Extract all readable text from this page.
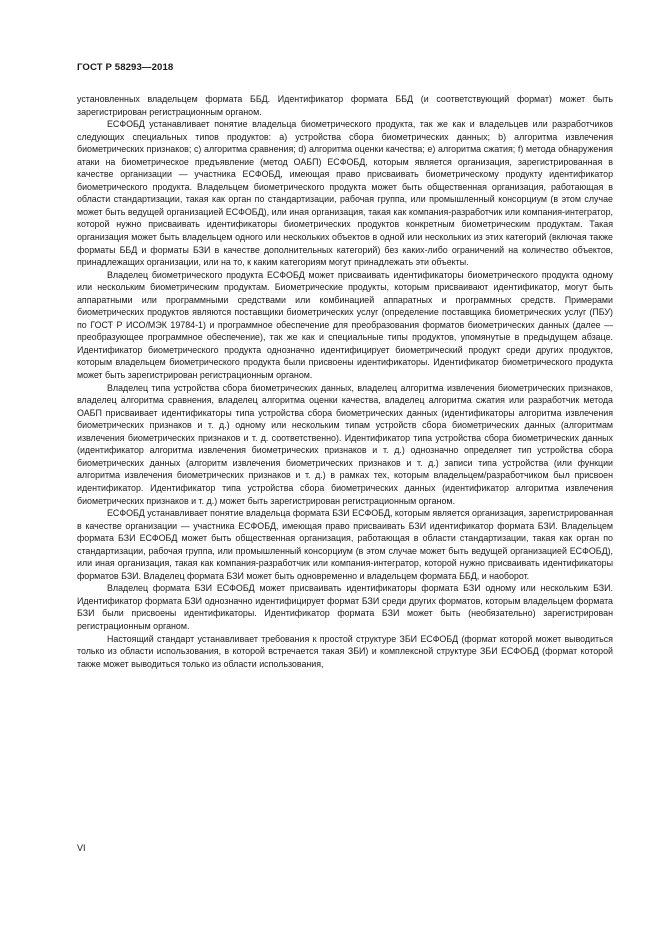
ГОСТ Р 58293—2018

установленных владельцем формата ББД. Идентификатор формата ББД (и соответствующий формат) может быть зарегистрирован регистрационным органом.

ЕСФОБД устанавливает понятие владельца биометрического продукта, так же как и владельцев или разработчиков следующих специальных типов продуктов: a) устройства сбора биометрических данных; b) алгоритма извлечения биометрических признаков; c) алгоритма сравнения; d) алгоритма оценки качества; e) алгоритма сжатия; f) метода обнаружения атаки на биометрическое предъявление (метод ОАБП) ЕСФОБД, которым является организация, зарегистрированная в качестве организации — участника ЕСФОБД, имеющая право присваивать биометрическому продукту идентификатор биометрического продукта. Владельцем биометрического продукта может быть общественная организация, работающая в области стандартизации, такая как орган по стандартизации, рабочая группа, или промышленный консорциум (в этом случае может быть ведущей организацией ЕСФОБД), или иная организация, такая как компания-разработчик или компания-интегратор, которой нужно присваивать идентификаторы биометрических продуктов конкретным биометрическим продуктам. Такая организация может быть владельцем одного или нескольких объектов в одной или нескольких из этих категорий (включая также форматы ББД и форматы БЗИ в качестве дополнительных категорий) без каких-либо ограничений на количество объектов, принадлежащих организации, или на то, к каким категориям могут принадлежать эти объекты.

Владелец биометрического продукта ЕСФОБД может присваивать идентификаторы биометрического продукта одному или нескольким биометрическим продуктам. Биометрические продукты, которым присваивают идентификатор, могут быть аппаратными или программными средствами или комбинацией аппаратных и программных средств. Примерами биометрических продуктов являются поставщики биометрических услуг (определение поставщика биометрических услуг (ПБУ) по ГОСТ Р ИСО/МЭК 19784-1) и программное обеспечение для преобразования форматов биометрических данных (далее — преобразующее программное обеспечение), так же как и специальные типы продуктов, упомянутые в предыдущем абзаце. Идентификатор биометрического продукта однозначно идентифицирует биометрический продукт среди других продуктов, которым владельцем биометрического продукта были присвоены идентификаторы. Идентификатор биометрического продукта может быть зарегистрирован регистрационным органом.

Владелец типа устройства сбора биометрических данных, владелец алгоритма извлечения биометрических признаков, владелец алгоритма сравнения, владелец алгоритма оценки качества, владелец алгоритма сжатия или разработчик метода ОАБП присваивает идентификаторы типа устройства сбора биометрических данных (идентификаторы алгоритма извлечения биометрических признаков и т. д.) одному или нескольким типам устройств сбора биометрических данных (алгоритмам извлечения биометрических признаков и т. д. соответственно). Идентификатор типа устройства сбора биометрических данных (идентификатор алгоритма извлечения биометрических признаков и т. д.) однозначно определяет тип устройства сбора биометрических данных (алгоритм извлечения биометрических признаков и т. д.) записи типа устройства (или функции алгоритма извлечения биометрических признаков и т. д.) в рамках тех, которым владельцем/разработчиком был присвоен идентификатор. Идентификатор типа устройства сбора биометрических данных (идентификатор алгоритма извлечения биометрических признаков и т. д.) может быть зарегистрирован регистрационным органом.

ЕСФОБД устанавливает понятие владельца формата БЗИ ЕСФОБД, которым является организация, зарегистрированная в качестве организации — участника ЕСФОБД, имеющая право присваивать БЗИ идентификатор формата БЗИ. Владельцем формата БЗИ ЕСФОБД может быть общественная организация, работающая в области стандартизации, такая как орган по стандартизации, рабочая группа, или промышленный консорциум (в этом случае может быть ведущей организацией ЕСФОБД), или иная организация, такая как компания-разработчик или компания-интегратор, которой нужно присваивать идентификаторы форматов БЗИ. Владелец формата БЗИ может быть одновременно и владельцем формата ББД, и наоборот.

Владелец формата БЗИ ЕСФОБД может присваивать идентификаторы формата БЗИ одному или нескольким БЗИ. Идентификатор формата БЗИ однозначно идентифицирует формат БЗИ среди других форматов, которым владельцем формата БЗИ были присвоены идентификаторы. Идентификатор формата БЗИ может быть (необязательно) зарегистрирован регистрационным органом.

Настоящий стандарт устанавливает требования к простой структуре ЗБИ ЕСФОБД (формат которой может выводиться только из области использования, в которой встречается такая ЗБИ) и комплексной структуре ЗБИ ЕСФОБД (формат которой также может выводиться только из области использования,

VI
